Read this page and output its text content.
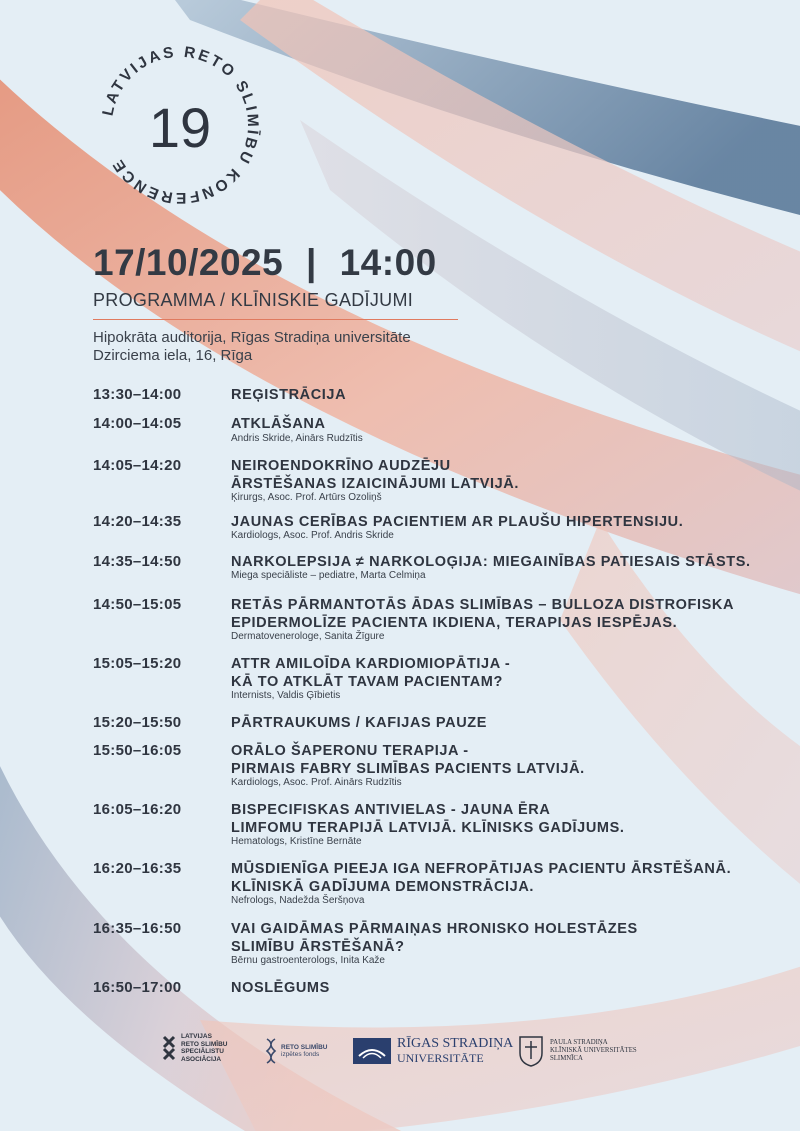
LATVIJAS RETO SLIMĪBU KONFERENCE
19
17/10/2025 | 14:00
PROGRAMMA / KLĪNISKIE GADĪJUMI
Hipokrāta auditorija, Rīgas Stradiņa universitāte
Dzirciema iela, 16, Rīga
13:30–14:00	REĢISTRĀCIJA
14:00–14:05	ATKLĀŠANA
Andris Skride, Ainārs Rudzītis
14:05–14:20	NEIROENDOKRĪNO AUDZĒJU
ĀRSTĒŠANAS IZAICINĀJUMI LATVIJĀ.
Ķirurgs, Asoc. Prof. Artūrs Ozoliņš
14:20–14:35	JAUNAS CERĪBAS PACIENTIEM AR PLAUŠU HIPERTENSIJU.
Kardiologs, Asoc. Prof. Andris Skride
14:35–14:50	NARKOLEPSIJA ≠ NARKOLOĢIJA: MIEGAINĪBAS PATIESAIS STĀSTS.
Miega speciāliste – pediatre, Marta Celmiņa
14:50–15:05	RETĀS PĀRMANTOTĀS ĀDAS SLIMĪBAS – BULLOZA DISTROFISKA
EPIDERMOLĪZE PACIENTA IKDIENA, TERAPIJAS IESPĒJAS.
Dermatovenerologe, Sanita Žīgure
15:05–15:20	ATTR AMILOĪDA KARDIOMIOPĀTIJA -
KĀ TO ATKLĀT TAVAM PACIENTAM?
Internists, Valdis Ģībietis
15:20–15:50	PĀRTRAUKUMS / KAFIJAS PAUZE
15:50–16:05	ORĀLO ŠAPERONU TERAPIJA -
PIRMAIS FABRY SLIMĪBAS PACIENTS LATVIJĀ.
Kardiologs, Asoc. Prof. Ainārs Rudzītis
16:05–16:20	BISPECIFISKAS ANTIVIELAS - JAUNA ĒRA
LIMFOMU TERAPIJĀ LATVIJĀ. KLĪNISKS GADĪJUMS.
Hematologs, Kristīne Bernāte
16:20–16:35	MŪSDIENĪGA PIEEJA IGA NEFROPĀTIJAS PACIENTU ĀRSTĒŠANĀ.
KLĪNISKĀ GADĪJUMA DEMONSTRĀCIJA.
Nefrologs, Nadežda Šeršņova
16:35–16:50	VAI GAIDĀMAS PĀRMAIŅAS HRONISKO HOLESTĀZES
SLIMĪBU ĀRSTĒŠANĀ?
Bērnu gastroenterologs, Inita Kaže
16:50–17:00	NOSLĒGUMS
LATVIJAS
RETO SLIMĪBU
SPECIĀLISTU
ASOCIĀCIJA
RETO SLIMĪBU
izpētes fonds
RĪGAS STRADIŅA
UNIVERSITĀTE
PAULA STRADIŅA
KLĪNISKĀ UNIVERSITĀTES
SLIMNĪCA
